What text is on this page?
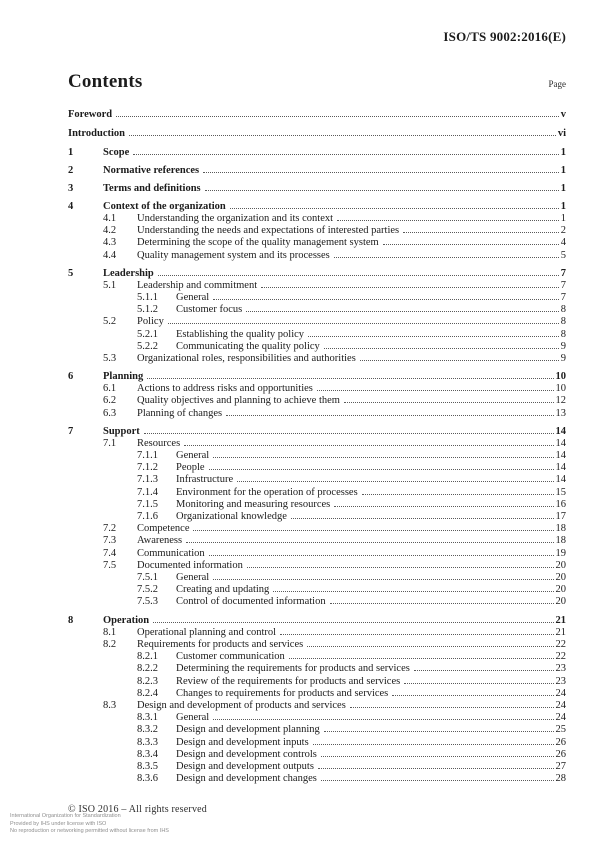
ISO/TS 9002:2016(E)
Contents	Page
Foreword	v
Introduction	vi
1	Scope	1
2	Normative references	1
3	Terms and definitions	1
4	Context of the organization	1
4.1	Understanding the organization and its context	1
4.2	Understanding the needs and expectations of interested parties	2
4.3	Determining the scope of the quality management system	4
4.4	Quality management system and its processes	5
5	Leadership	7
5.1	Leadership and commitment	7
5.1.1	General	7
5.1.2	Customer focus	8
5.2	Policy	8
5.2.1	Establishing the quality policy	8
5.2.2	Communicating the quality policy	9
5.3	Organizational roles, responsibilities and authorities	9
6	Planning	10
6.1	Actions to address risks and opportunities	10
6.2	Quality objectives and planning to achieve them	12
6.3	Planning of changes	13
7	Support	14
7.1	Resources	14
7.1.1	General	14
7.1.2	People	14
7.1.3	Infrastructure	14
7.1.4	Environment for the operation of processes	15
7.1.5	Monitoring and measuring resources	16
7.1.6	Organizational knowledge	17
7.2	Competence	18
7.3	Awareness	18
7.4	Communication	19
7.5	Documented information	20
7.5.1	General	20
7.5.2	Creating and updating	20
7.5.3	Control of documented information	20
8	Operation	21
8.1	Operational planning and control	21
8.2	Requirements for products and services	22
8.2.1	Customer communication	22
8.2.2	Determining the requirements for products and services	23
8.2.3	Review of the requirements for products and services	23
8.2.4	Changes to requirements for products and services	24
8.3	Design and development of products and services	24
8.3.1	General	24
8.3.2	Design and development planning	25
8.3.3	Design and development inputs	26
8.3.4	Design and development controls	26
8.3.5	Design and development outputs	27
8.3.6	Design and development changes	28
International Organization for Standardization
Provided by IHS under license with ISO
No reproduction or networking permitted without license from IHS
© ISO 2016 – All rights reserved
